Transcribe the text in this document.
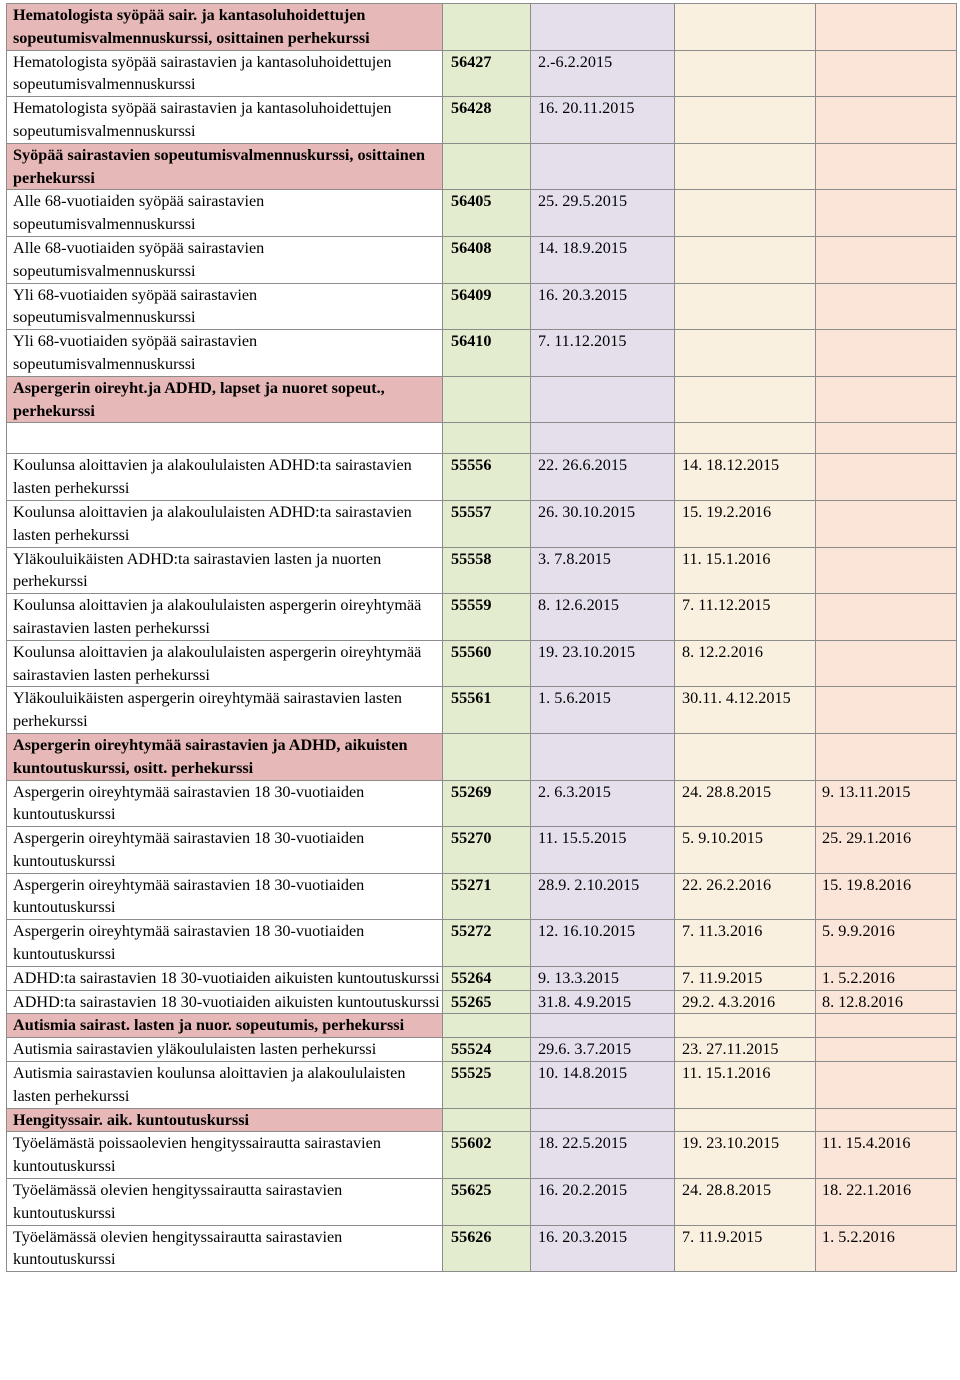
Hematologista syöpää sair. ja kantasoluhoidettujen sopeutumisvalmennuskurssi, osittainen perhekurssi				
Hematologista syöpää sairastavien ja kantasoluhoidettujen sopeutumisvalmennuskurssi	56427	2.-6.2.2015		
Hematologista syöpää sairastavien ja kantasoluhoidettujen sopeutumisvalmennuskurssi	56428	16. 20.11.2015		
Syöpää sairastavien sopeutumisvalmennuskurssi, osittainen perhekurssi				
Alle 68-vuotiaiden syöpää sairastavien sopeutumisvalmennuskurssi	56405	25. 29.5.2015		
Alle 68-vuotiaiden syöpää sairastavien sopeutumisvalmennuskurssi	56408	14. 18.9.2015		
Yli 68-vuotiaiden syöpää sairastavien sopeutumisvalmennuskurssi	56409	16. 20.3.2015		
Yli 68-vuotiaiden syöpää sairastavien sopeutumisvalmennuskurssi	56410	7. 11.12.2015		
Aspergerin oireyht.ja ADHD, lapset ja nuoret sopeut., perhekurssi				

Koulunsa aloittavien ja alakoululaisten ADHD:ta sairastavien lasten perhekurssi	55556	22. 26.6.2015	14. 18.12.2015	
Koulunsa aloittavien ja alakoululaisten ADHD:ta sairastavien lasten perhekurssi	55557	26. 30.10.2015	15. 19.2.2016	
Yläkouluikäisten ADHD:ta sairastavien lasten ja nuorten perhekurssi	55558	3. 7.8.2015	11. 15.1.2016	
Koulunsa aloittavien ja alakoululaisten aspergerin oireyhtymää sairastavien lasten perhekurssi	55559	8. 12.6.2015	7. 11.12.2015	
Koulunsa aloittavien ja alakoululaisten aspergerin oireyhtymää sairastavien lasten perhekurssi	55560	19. 23.10.2015	8. 12.2.2016	
Yläkouluikäisten aspergerin oireyhtymää sairastavien lasten perhekurssi	55561	1. 5.6.2015	30.11. 4.12.2015	
Aspergerin oireyhtymää sairastavien ja ADHD, aikuisten kuntoutuskurssi, ositt. perhekurssi				
Aspergerin oireyhtymää sairastavien 18 30-vuotiaiden kuntoutuskurssi	55269	2. 6.3.2015	24. 28.8.2015	9. 13.11.2015
Aspergerin oireyhtymää sairastavien 18 30-vuotiaiden kuntoutuskurssi	55270	11. 15.5.2015	5. 9.10.2015	25. 29.1.2016
Aspergerin oireyhtymää sairastavien 18 30-vuotiaiden kuntoutuskurssi	55271	28.9. 2.10.2015	22. 26.2.2016	15. 19.8.2016
Aspergerin oireyhtymää sairastavien 18 30-vuotiaiden kuntoutuskurssi	55272	12. 16.10.2015	7. 11.3.2016	5. 9.9.2016
ADHD:ta sairastavien 18 30-vuotiaiden aikuisten kuntoutuskurssi	55264	9. 13.3.2015	7. 11.9.2015	1. 5.2.2016
ADHD:ta sairastavien 18 30-vuotiaiden aikuisten kuntoutuskurssi	55265	31.8. 4.9.2015	29.2. 4.3.2016	8. 12.8.2016
Autismia sairast. lasten ja nuor. sopeutumis, perhekurssi				
Autismia sairastavien yläkoululaisten lasten perhekurssi	55524	29.6. 3.7.2015	23. 27.11.2015	
Autismia sairastavien koulunsa aloittavien ja alakoululaisten lasten perhekurssi	55525	10. 14.8.2015	11. 15.1.2016	
Hengityssair. aik. kuntoutuskurssi				
Työelämästä poissaolevien hengityssairautta sairastavien kuntoutuskurssi	55602	18. 22.5.2015	19. 23.10.2015	11. 15.4.2016
Työelämässä olevien hengityssairautta sairastavien kuntoutuskurssi	55625	16. 20.2.2015	24. 28.8.2015	18. 22.1.2016
Työelämässä olevien hengityssairautta sairastavien kuntoutuskurssi	55626	16. 20.3.2015	7. 11.9.2015	1. 5.2.2016
